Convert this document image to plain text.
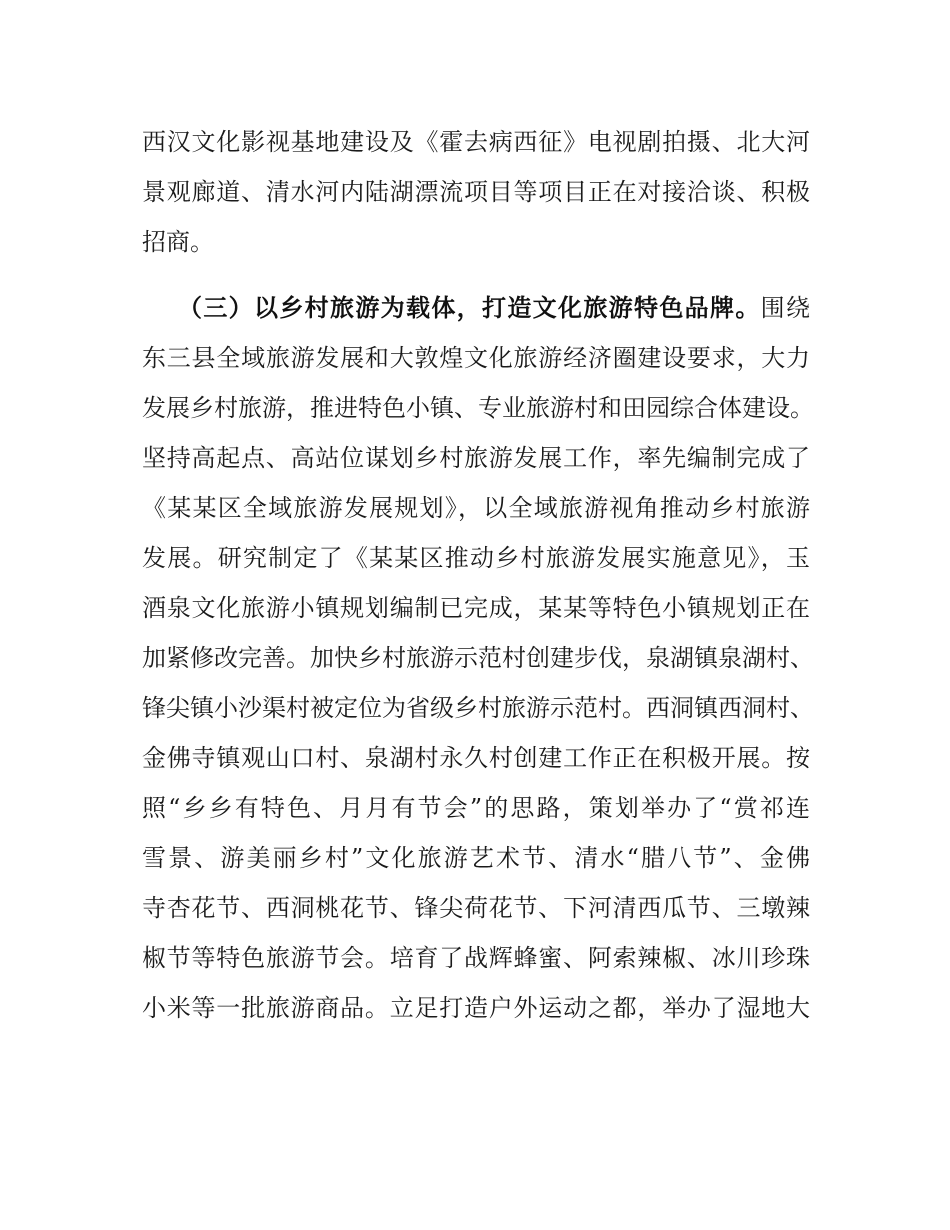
西汉文化影视基地建设及《霍去病西征》电视剧拍摄、北大河
景观廊道、清水河内陆湖漂流项目等项目正在对接洽谈、积极
招商。
（三）以乡村旅游为载体，打造文化旅游特色品牌。围绕
东三县全域旅游发展和大敦煌文化旅游经济圈建设要求，大力
发展乡村旅游，推进特色小镇、专业旅游村和田园综合体建设。
坚持高起点、高站位谋划乡村旅游发展工作，率先编制完成了
《某某区全域旅游发展规划》，以全域旅游视角推动乡村旅游
发展。研究制定了《某某区推动乡村旅游发展实施意见》，玉
酒泉文化旅游小镇规划编制已完成，某某等特色小镇规划正在
加紧修改完善。加快乡村旅游示范村创建步伐，泉湖镇泉湖村、
锋尖镇小沙渠村被定位为省级乡村旅游示范村。西洞镇西洞村、
金佛寺镇观山口村、泉湖村永久村创建工作正在积极开展。按
照“乡乡有特色、月月有节会”的思路，策划举办了“赏祁连
雪景、游美丽乡村”文化旅游艺术节、清水“腊八节”、金佛
寺杏花节、西洞桃花节、锋尖荷花节、下河清西瓜节、三墩辣
椒节等特色旅游节会。培育了战辉蜂蜜、阿索辣椒、冰川珍珠
小米等一批旅游商品。立足打造户外运动之都，举办了湿地大
